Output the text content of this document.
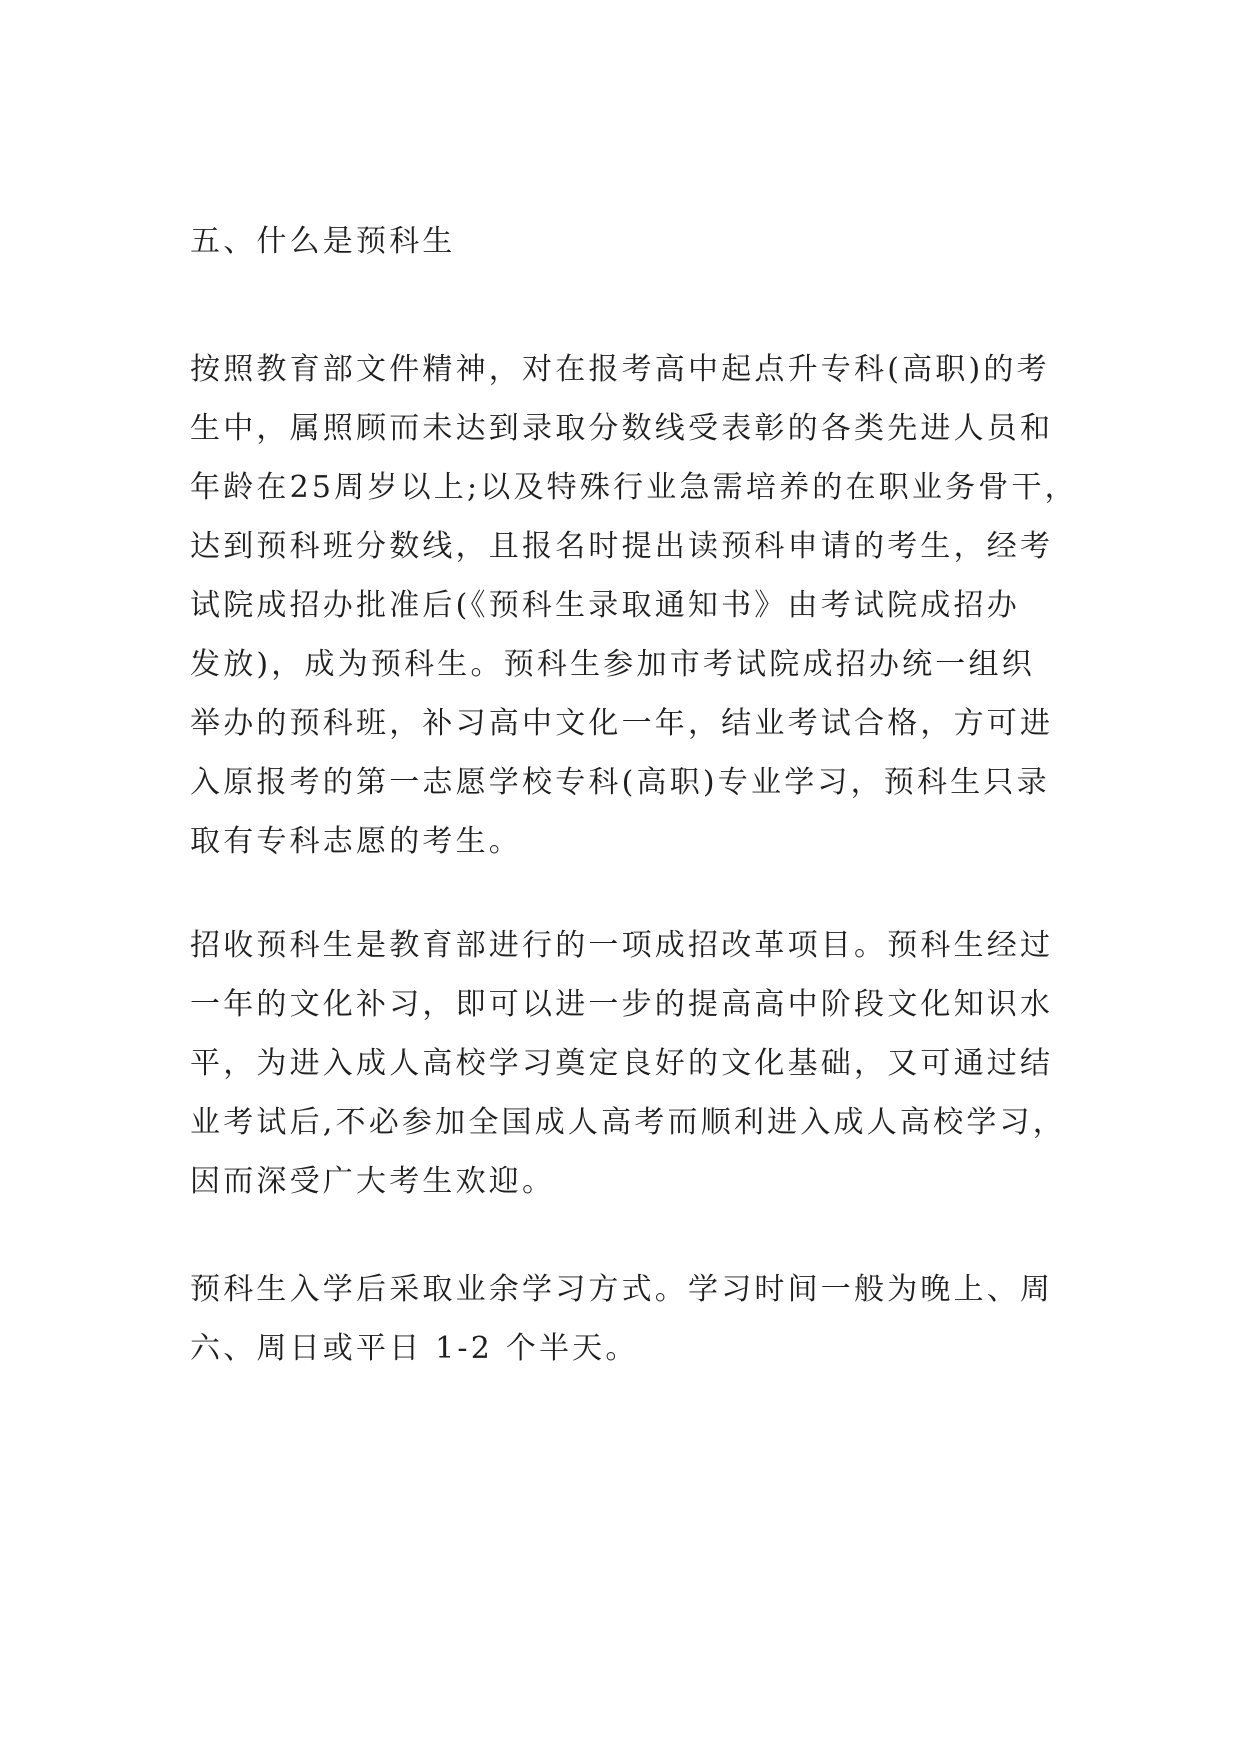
五、什么是预科生
按照教育部文件精神，对在报考高中起点升专科(高职)的考
生中，属照顾而未达到录取分数线受表彰的各类先进人员和
年龄在25周岁以上;以及特殊行业急需培养的在职业务骨干，
达到预科班分数线，且报名时提出读预科申请的考生，经考
试院成招办批准后(《预科生录取通知书》由考试院成招办
发放)，成为预科生。预科生参加市考试院成招办统一组织
举办的预科班，补习高中文化一年，结业考试合格，方可进
入原报考的第一志愿学校专科(高职)专业学习，预科生只录
取有专科志愿的考生。
招收预科生是教育部进行的一项成招改革项目。预科生经过
一年的文化补习，即可以进一步的提高高中阶段文化知识水
平，为进入成人高校学习奠定良好的文化基础，又可通过结
业考试后,不必参加全国成人高考而顺利进入成人高校学习，
因而深受广大考生欢迎。
预科生入学后采取业余学习方式。学习时间一般为晚上、周
六、周日或平日 1-2 个半天。
